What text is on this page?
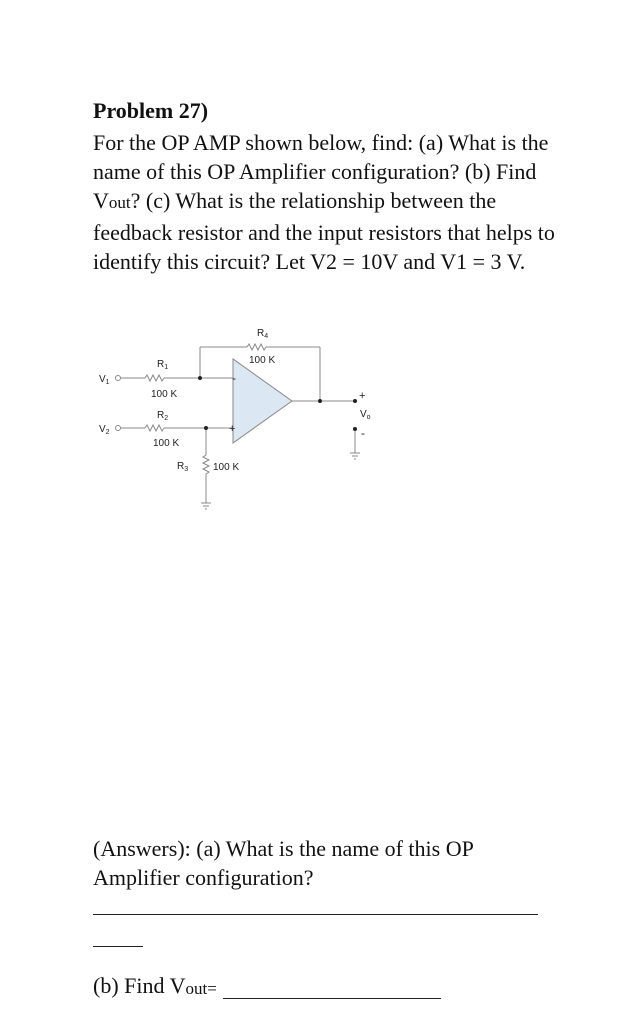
Problem 27)

For the OP AMP shown below, find: (a) What is the name of this OP Amplifier configuration? (b) Find Vout? (c) What is the relationship between the feedback resistor and the input resistors that helps to identify this circuit? Let V2 = 10V and V1 = 3 V.

$V_1$
$V_2$
$R_1$
100 K
$R_2$
100 K
$R_3$ 100 K
$R_4$
100 K
-
+
+
$V_o$
-

(Answers): (a) What is the name of this OP Amplifier configuration?

(b) Find V out =
